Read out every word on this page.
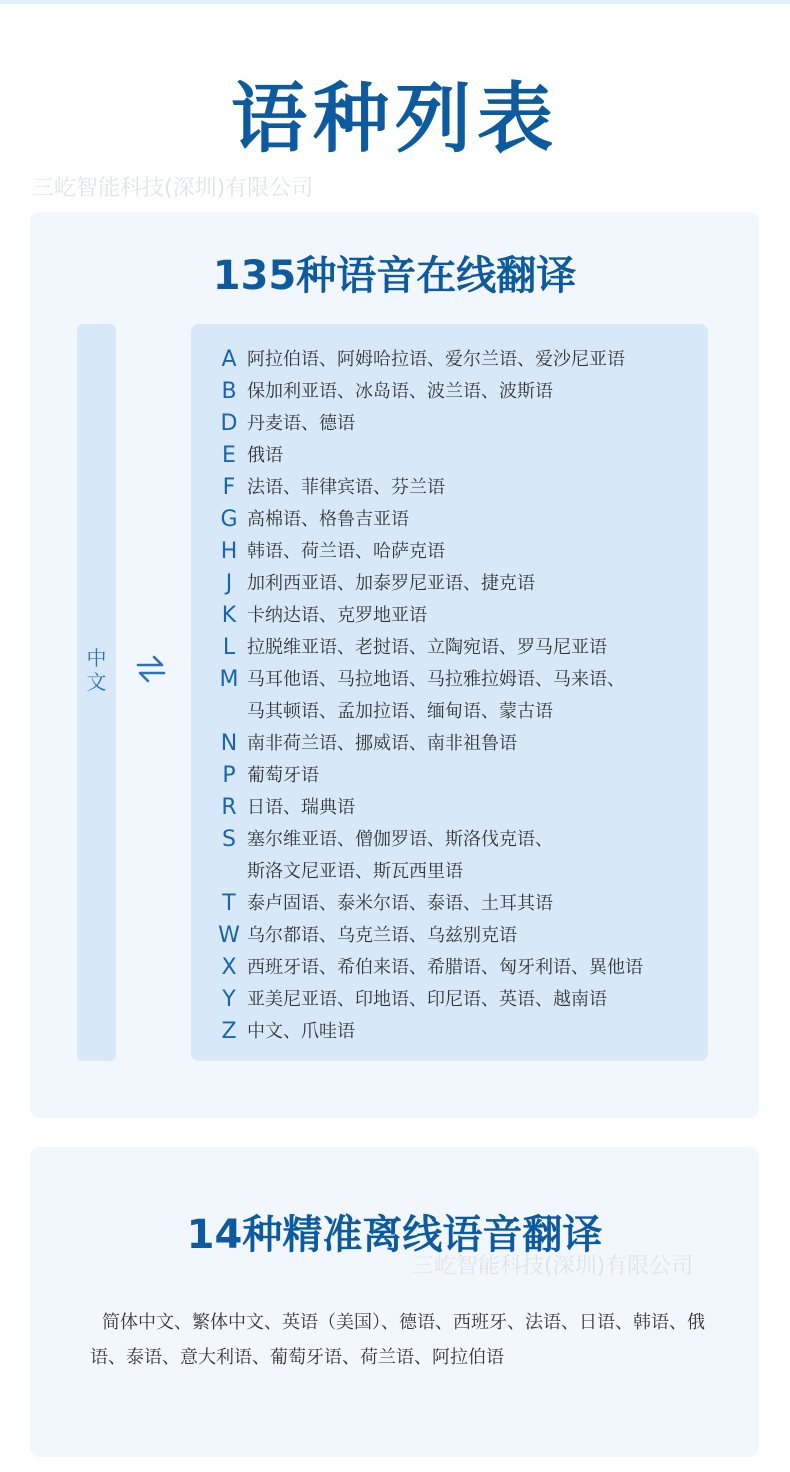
语种列表
三屹智能科技(深圳)有限公司
135种语音在线翻译
中文
A 阿拉伯语、阿姆哈拉语、爱尔兰语、爱沙尼亚语
B 保加利亚语、冰岛语、波兰语、波斯语
D 丹麦语、德语
E 俄语
F 法语、菲律宾语、芬兰语
G 高棉语、格鲁吉亚语
H 韩语、荷兰语、哈萨克语
J 加利西亚语、加泰罗尼亚语、捷克语
K 卡纳达语、克罗地亚语
L 拉脱维亚语、老挝语、立陶宛语、罗马尼亚语
M 马耳他语、马拉地语、马拉雅拉姆语、马来语、
马其顿语、孟加拉语、缅甸语、蒙古语
N 南非荷兰语、挪威语、南非祖鲁语
P 葡萄牙语
R 日语、瑞典语
S 塞尔维亚语、僧伽罗语、斯洛伐克语、
斯洛文尼亚语、斯瓦西里语
T 泰卢固语、泰米尔语、泰语、土耳其语
W 乌尔都语、乌克兰语、乌兹别克语
X 西班牙语、希伯来语、希腊语、匈牙利语、異他语
Y 亚美尼亚语、印地语、印尼语、英语、越南语
Z 中文、爪哇语
14种精准离线语音翻译

简体中文、繁体中文、英语（美国）、德语、西班牙、法语、日语、韩语、俄语、泰语、意大利语、葡萄牙语、荷兰语、阿拉伯语

三屹智能科技(深圳)有限公司
